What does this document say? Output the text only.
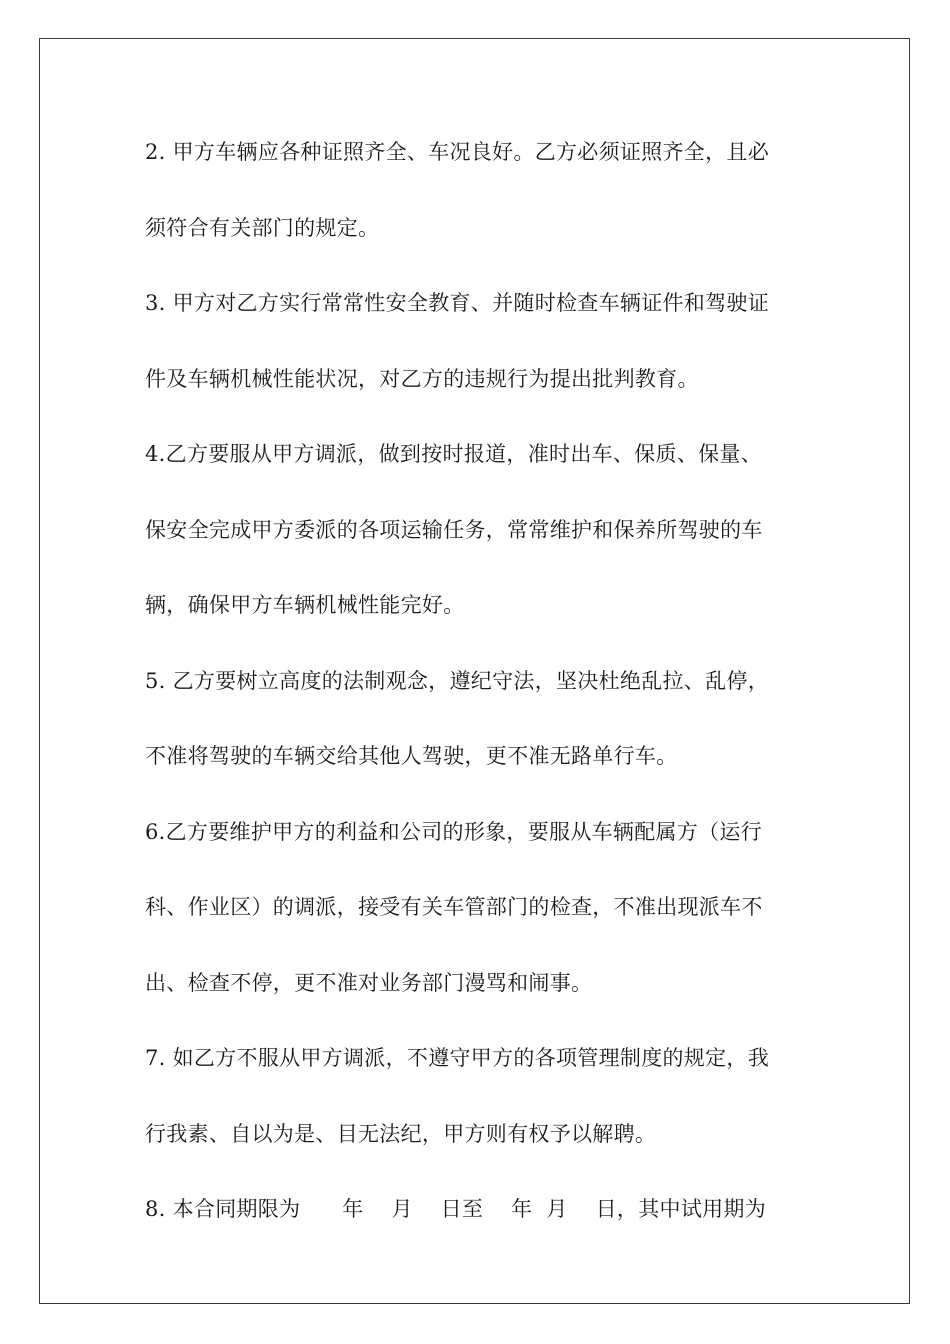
2. 甲方车辆应各种证照齐全、车况良好。乙方必须证照齐全，且必
须符合有关部门的规定。
3. 甲方对乙方实行常常性安全教育、并随时检查车辆证件和驾驶证
件及车辆机械性能状况，对乙方的违规行为提出批判教育。
4.乙方要服从甲方调派，做到按时报道，准时出车、保质、保量、
保安全完成甲方委派的各项运输任务，常常维护和保养所驾驶的车
辆，确保甲方车辆机械性能完好。
5. 乙方要树立高度的法制观念，遵纪守法，坚决杜绝乱拉、乱停，
不准将驾驶的车辆交给其他人驾驶，更不准无路单行车。
6.乙方要维护甲方的利益和公司的形象，要服从车辆配属方（运行
科、作业区）的调派，接受有关车管部门的检查，不准出现派车不
出、检查不停，更不准对业务部门漫骂和闹事。
7. 如乙方不服从甲方调派，不遵守甲方的各项管理制度的规定，我
行我素、自以为是、目无法纪，甲方则有权予以解聘。
8. 本合同期限为      年    月    日至    年  月    日，其中试用期为
